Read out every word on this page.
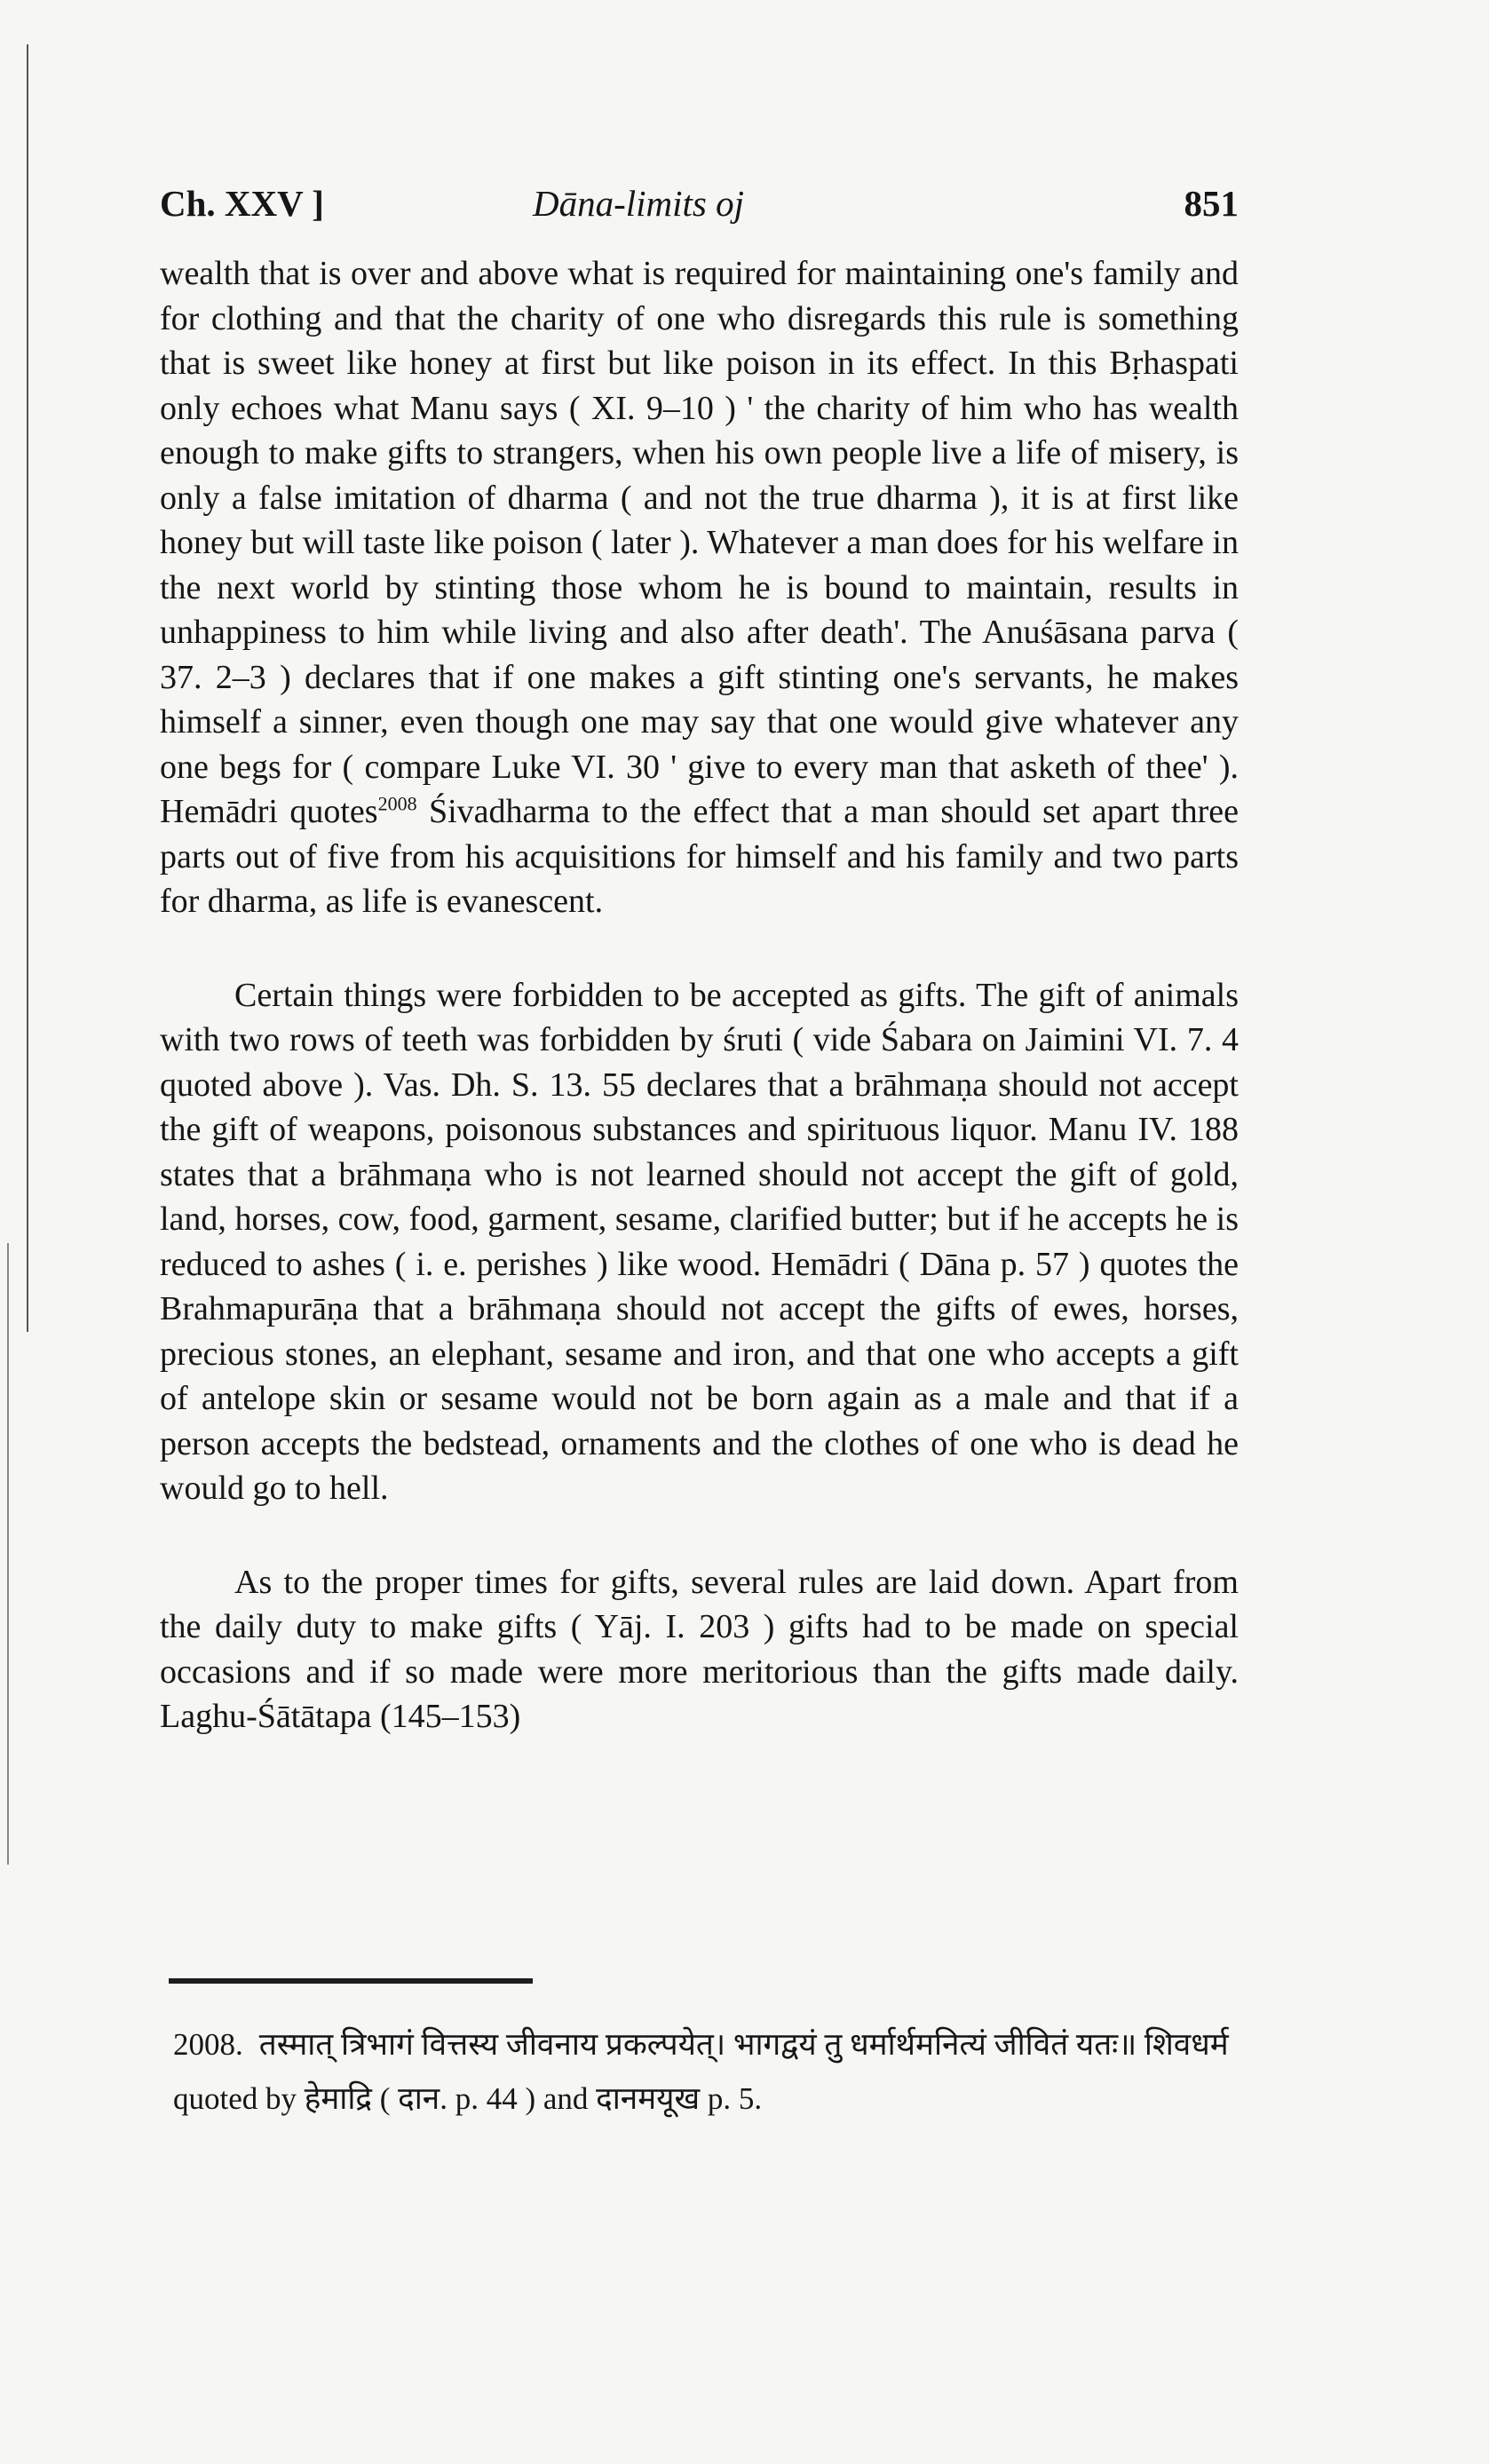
Ch. XXV ]	Dāna-limits oj	851

wealth that is over and above what is required for maintaining one's family and for clothing and that the charity of one who disregards this rule is something that is sweet like honey at first but like poison in its effect. In this Bṛhaspati only echoes what Manu says ( XI. 9–10 ) ' the charity of him who has wealth enough to make gifts to strangers, when his own people live a life of misery, is only a false imitation of dharma ( and not the true dharma ), it is at first like honey but will taste like poison ( later ). Whatever a man does for his welfare in the next world by stinting those whom he is bound to maintain, results in unhappiness to him while living and also after death'. The Anuśāsana parva ( 37. 2–3 ) declares that if one makes a gift stinting one's servants, he makes himself a sinner, even though one may say that one would give whatever any one begs for ( compare Luke VI. 30 ' give to every man that asketh of thee' ). Hemādri quotes$^{2008}$ Śivadharma to the effect that a man should set apart three parts out of five from his acquisitions for himself and his family and two parts for dharma, as life is evanescent.

Certain things were forbidden to be accepted as gifts. The gift of animals with two rows of teeth was forbidden by śruti ( vide Śabara on Jaimini VI. 7. 4 quoted above ). Vas. Dh. S. 13. 55 declares that a brāhmaṇa should not accept the gift of weapons, poisonous substances and spirituous liquor. Manu IV. 188 states that a brāhmaṇa who is not learned should not accept the gift of gold, land, horses, cow, food, garment, sesame, clarified butter; but if he accepts he is reduced to ashes ( i. e. perishes ) like wood. Hemādri ( Dāna p. 57 ) quotes the Brahmapurāṇa that a brāhmaṇa should not accept the gifts of ewes, horses, precious stones, an elephant, sesame and iron, and that one who accepts a gift of antelope skin or sesame would not be born again as a male and that if a person accepts the bedstead, ornaments and the clothes of one who is dead he would go to hell.

As to the proper times for gifts, several rules are laid down. Apart from the daily duty to make gifts ( Yāj. I. 203 ) gifts had to be made on special occasions and if so made were more meritorious than the gifts made daily. Laghu-Śātātapa (145–153)

2008. तस्मात् त्रिभागं वित्तस्य जीवनाय प्रकल्पयेत्। भागद्वयं तु धर्मार्थमनित्यं जीवितं यतः॥ शिवधर्म quoted by हेमाद्रि ( दान. p. 44 ) and दानमयूख p. 5.
